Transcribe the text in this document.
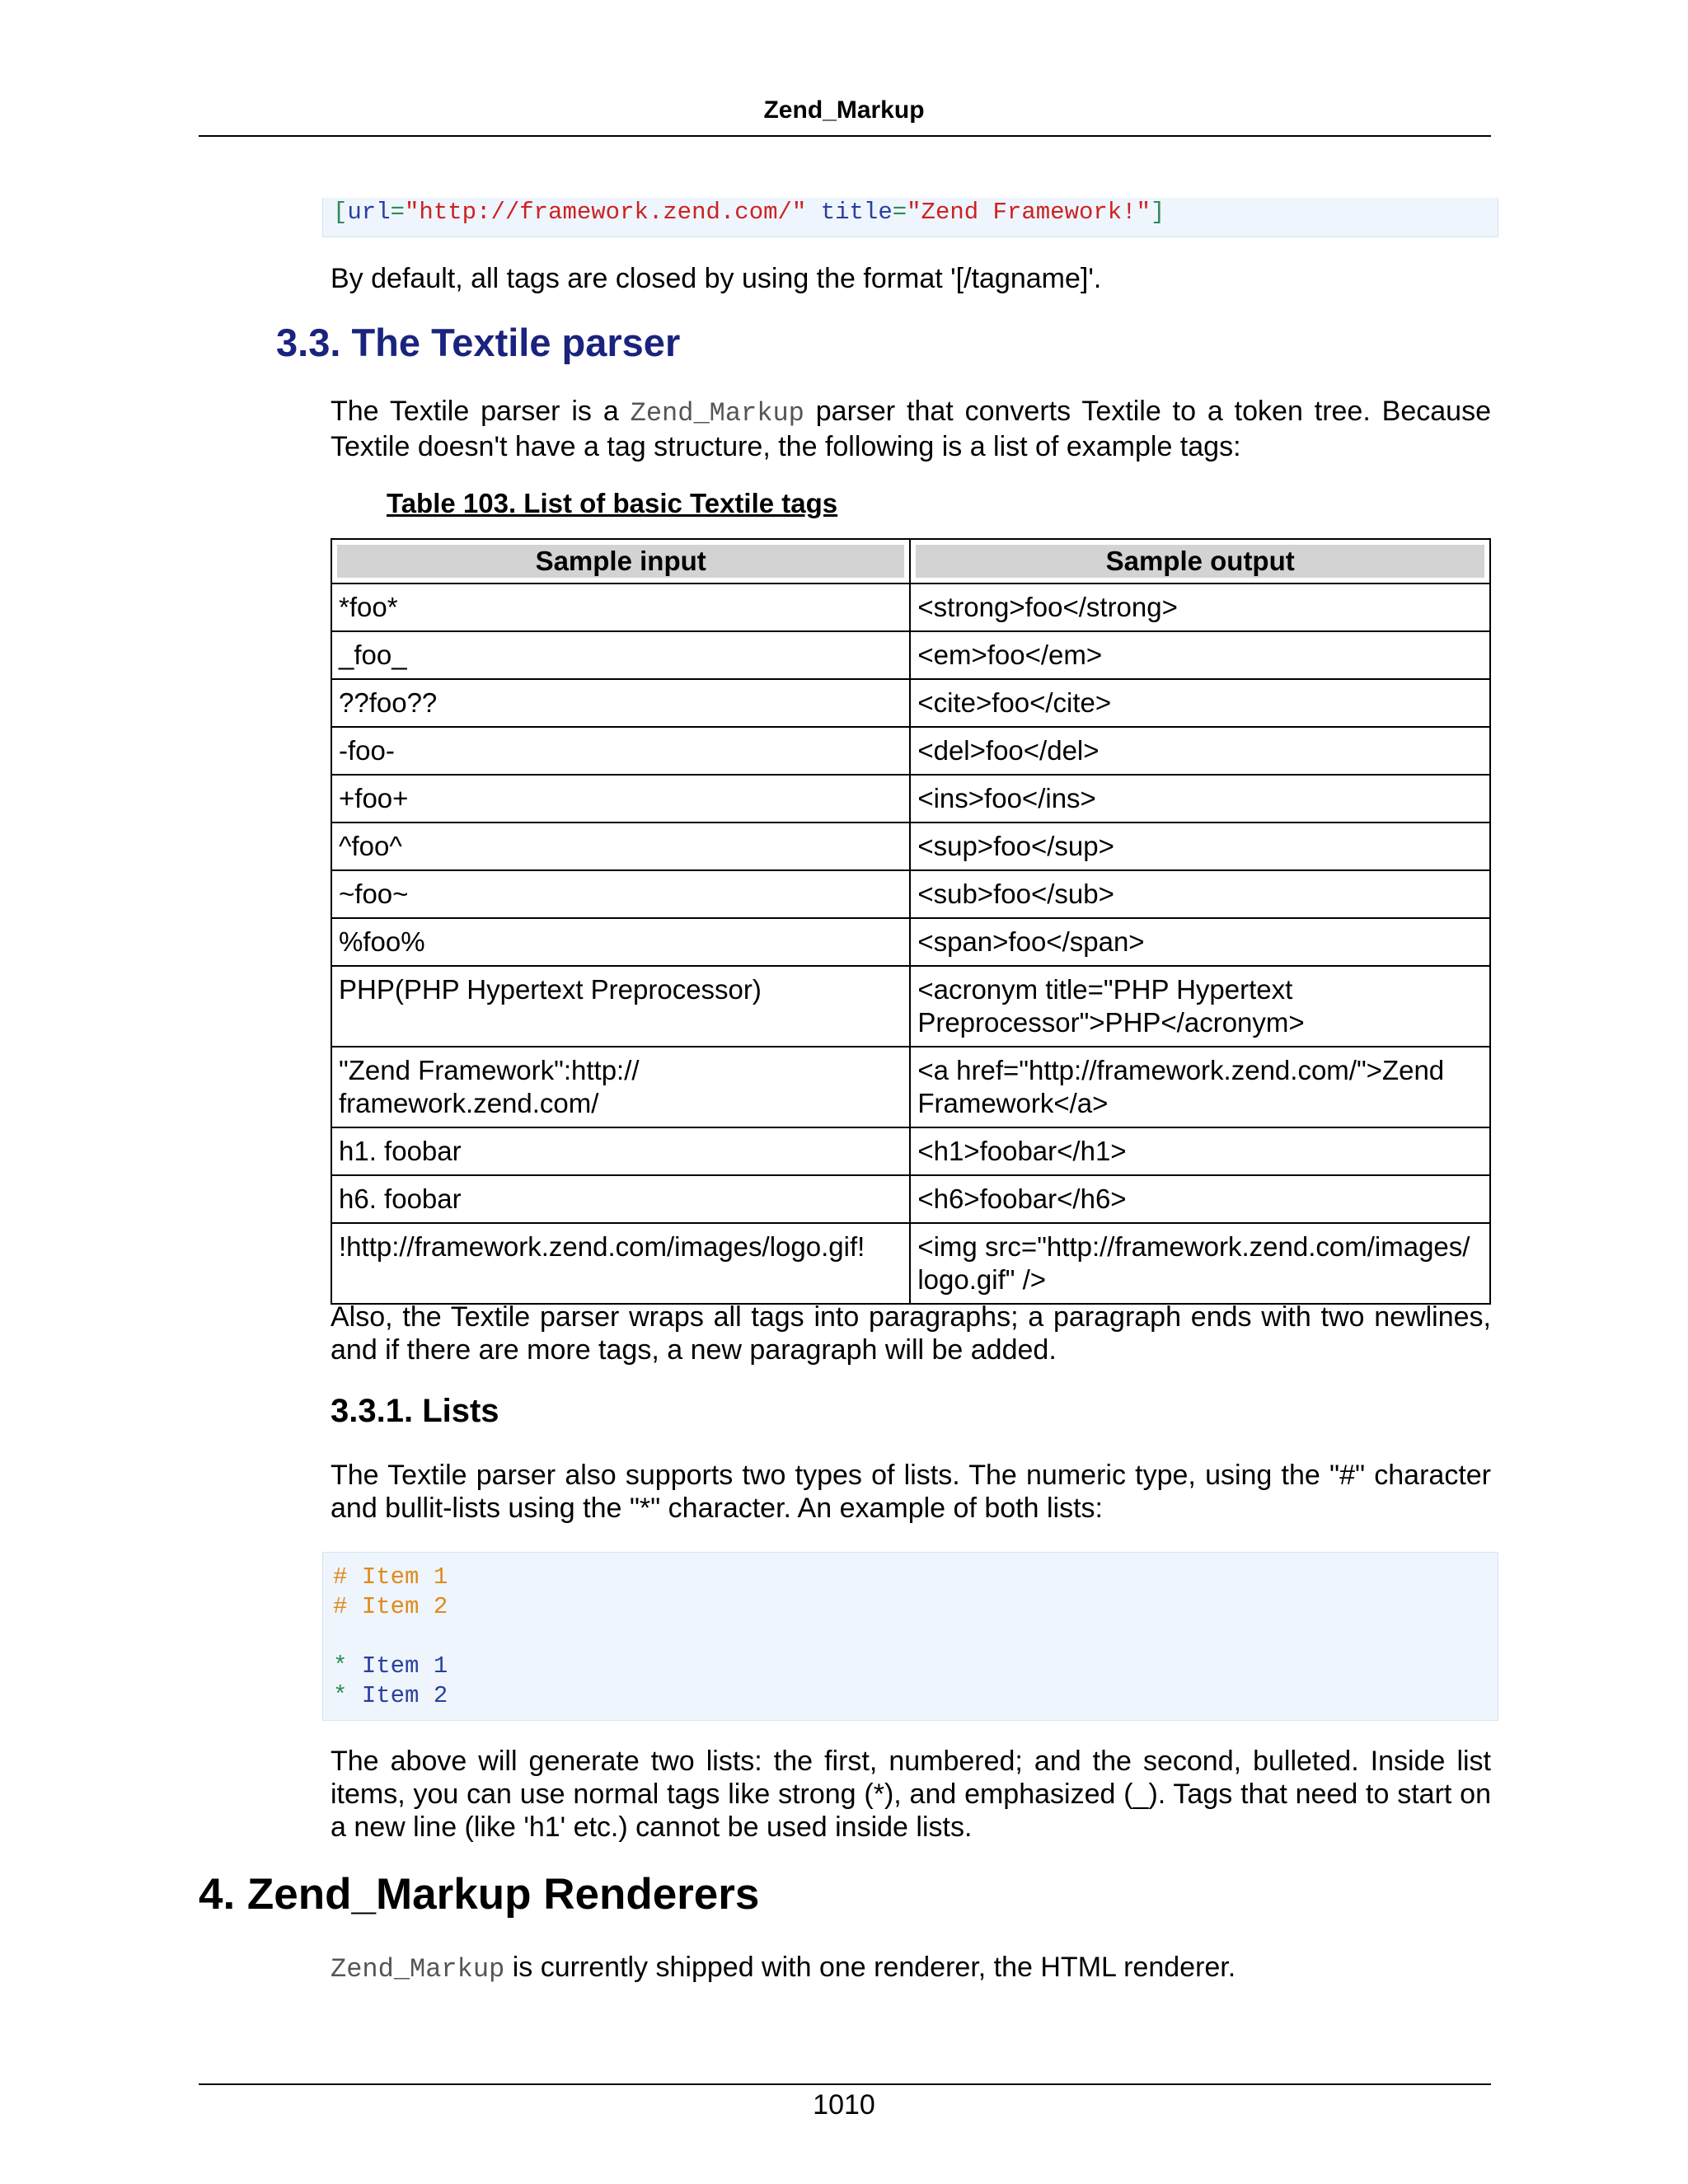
Zend_Markup
[url="http://framework.zend.com/" title="Zend Framework!"]
By default, all tags are closed by using the format '[/tagname]'.
3.3. The Textile parser
The Textile parser is a Zend_Markup parser that converts Textile to a token tree. Because Textile doesn't have a tag structure, the following is a list of example tags:
Table 103. List of basic Textile tags
Sample input	Sample output

*foo*	<strong>foo</strong>
_foo_	<em>foo</em>
??foo??	<cite>foo</cite>
-foo-	<del>foo</del>
+foo+	<ins>foo</ins>
^foo^	<sup>foo</sup>
~foo~	<sub>foo</sub>
%foo%	<span>foo</span>
PHP(PHP Hypertext Preprocessor)	<acronym title="PHP Hypertext Preprocessor">PHP</acronym>
"Zend Framework":http:// framework.zend.com/	<a href="http://framework.zend.com/">Zend Framework</a>
h1. foobar	<h1>foobar</h1>
h6. foobar	<h6>foobar</h6>
!http://framework.zend.com/images/logo.gif!	<img src="http://framework.zend.com/images/ logo.gif" />
Also, the Textile parser wraps all tags into paragraphs; a paragraph ends with two newlines, and if there are more tags, a new paragraph will be added.
3.3.1. Lists
The Textile parser also supports two types of lists. The numeric type, using the "#" character and bullit-lists using the "*" character. An example of both lists:
# Item 1
# Item 2
* Item 1
* Item 2
The above will generate two lists: the first, numbered; and the second, bulleted. Inside list items, you can use normal tags like strong (*), and emphasized (_). Tags that need to start on a new line (like 'h1' etc.) cannot be used inside lists.
4. Zend_Markup Renderers
Zend_Markup is currently shipped with one renderer, the HTML renderer.
1010
